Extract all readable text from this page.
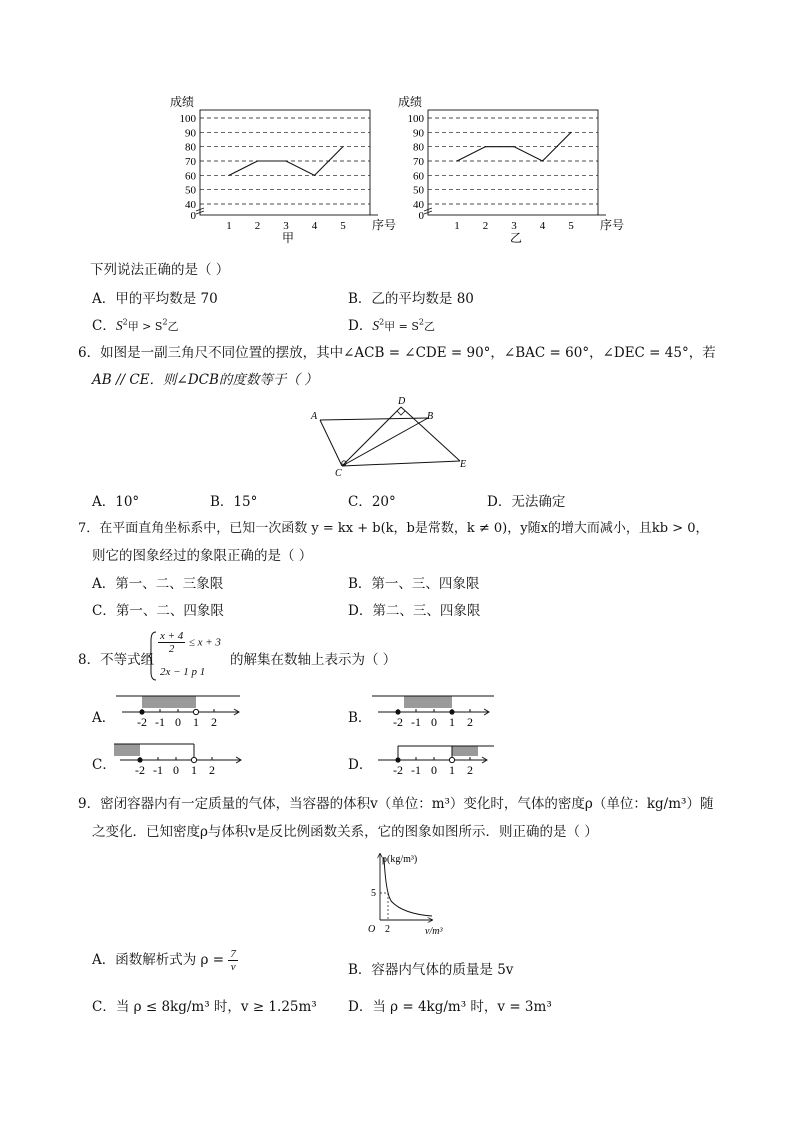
100
90
80
70
60
50
40
0
1 2 3 4 5
成绩
序号
甲
100
90
80
70
60
50
40
0
1 2 3 4 5
成绩
序号
乙
下列说法正确的是（ ）
A．甲的平均数是 70	B．乙的平均数是 80
C．$S^2$甲 > $S^2$乙	D．$S^2$甲 = $S^2$乙
6．如图是一副三角尺不同位置的摆放，其中∠ACB = ∠CDE = 90°，∠BAC = 60°，∠DEC = 45°，若
AB // CE．则∠DCB的度数等于（ ）
A	B
C
D
E
A．10°	B．15°	C．20°	D．无法确定
7．在平面直角坐标系中，已知一次函数 y = kx + b(k，b是常数，k ≠ 0)，y随x的增大而减小，且kb > 0，
则它的图象经过的象限正确的是（ ）
A．第一、二、三象限	B．第一、三、四象限
C．第一、二、四象限	D．第二、三、四象限
8．不等式组
$\frac{x + 4}{2} \le x + 3$
2x − 1 p 1
的解集在数轴上表示为（ ）
A． -2 -1 0 1 2	B． -2 -1 0 1 2
C． -2 -1 0 1 2	D． -2 -1 0 1 2
9．密闭容器内有一定质量的气体，当容器的体积v（单位：m³）变化时，气体的密度ρ（单位：kg/m³）随
之变化．已知密度ρ与体积v是反比例函数关系，它的图象如图所示．则正确的是（ ）
ρ(kg/m³)
v/m³
5
2
O
A．函数解析式为 $\rho = \frac{7}{v}$	B．容器内气体的质量是 5v
C．当 ρ ≤ 8kg/m³ 时，v ≥ 1.25m³ D．当 ρ = 4kg/m³ 时，v = 3m³
